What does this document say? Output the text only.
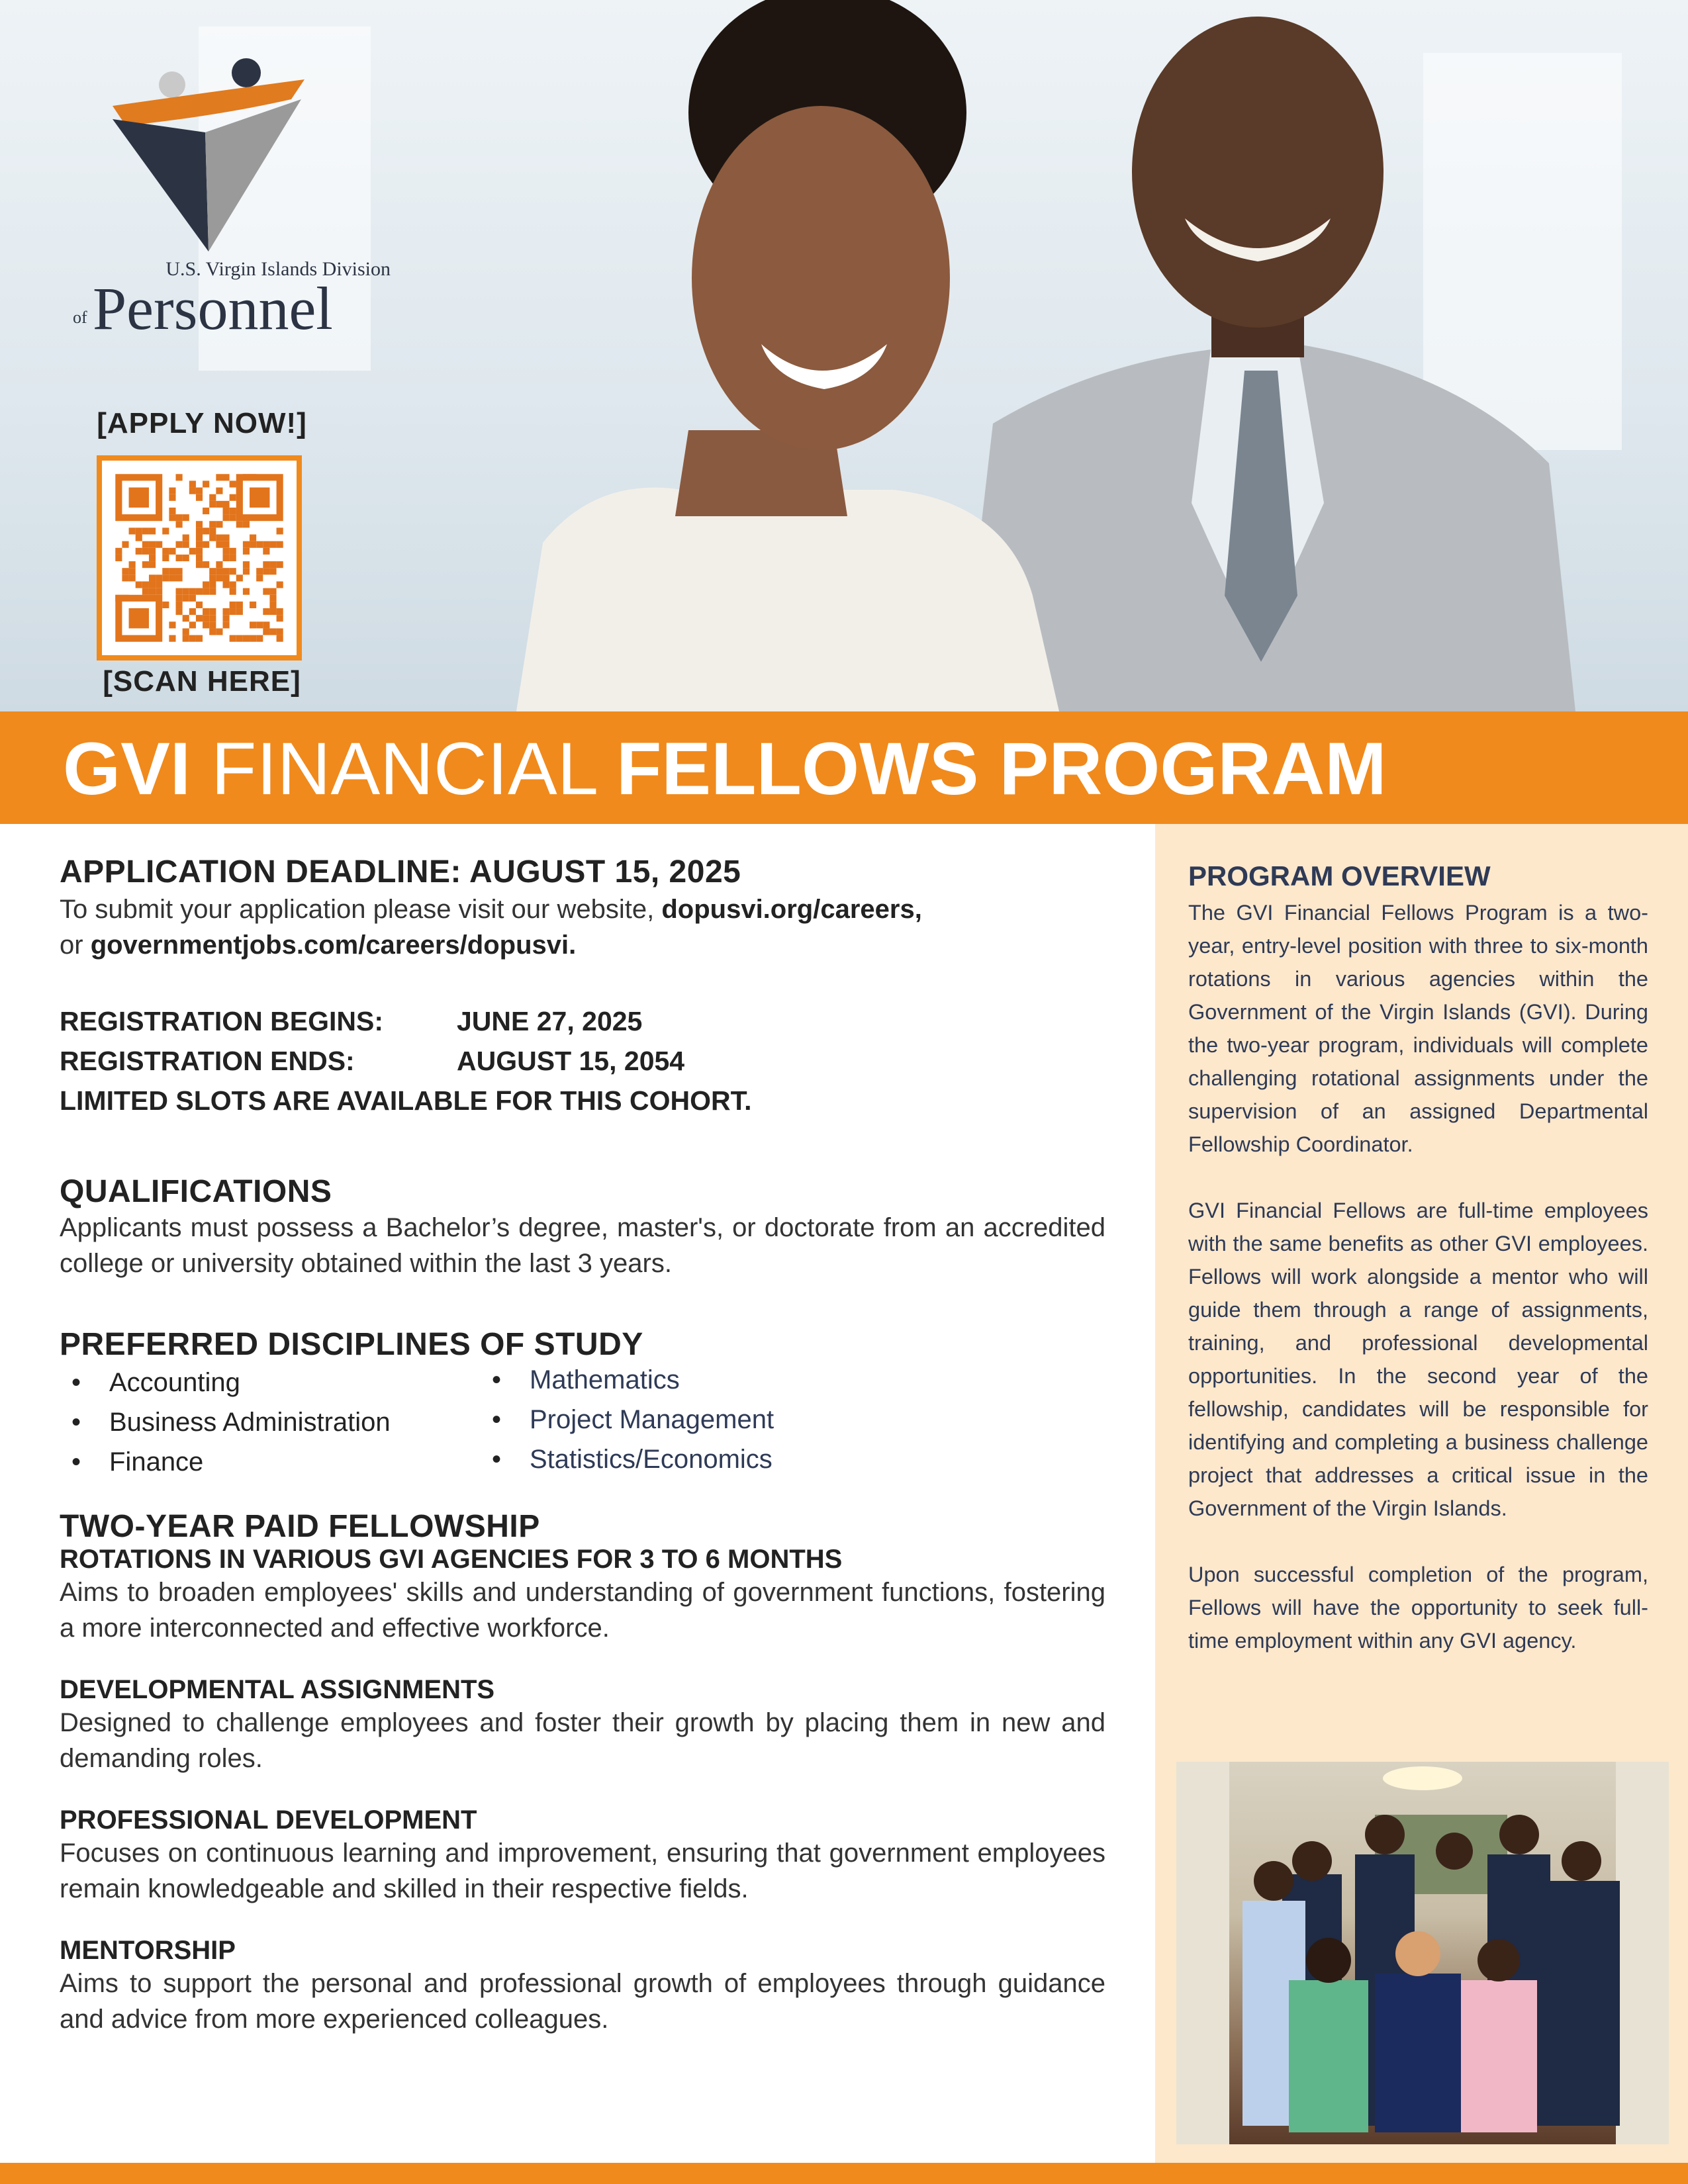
U.S. Virgin Islands Division
of Personnel
[APPLY NOW!]
[SCAN HERE]
GVI FINANCIAL FELLOWS PROGRAM
APPLICATION DEADLINE: AUGUST 15, 2025

To submit your application please visit our website, dopusvi.org/careers,
or governmentjobs.com/careers/dopusvi.

REGISTRATION BEGINS:	JUNE 27, 2025
REGISTRATION ENDS:	AUGUST 15, 2054
LIMITED SLOTS ARE AVAILABLE FOR THIS COHORT.
QUALIFICATIONS

Applicants must possess a Bachelor’s degree, master's, or doctorate from an accredited college or university obtained within the last 3 years.

PREFERRED DISCIPLINES OF STUDY
• Accounting
• Business Administration
• Finance
• Mathematics
• Project Management
• Statistics/Economics
TWO-YEAR PAID FELLOWSHIP
ROTATIONS IN VARIOUS GVI AGENCIES FOR 3 TO 6 MONTHS

Aims to broaden employees' skills and understanding of government functions, fostering a more interconnected and effective workforce.

DEVELOPMENTAL ASSIGNMENTS

Designed to challenge employees and foster their growth by placing them in new and demanding roles.

PROFESSIONAL DEVELOPMENT

Focuses on continuous learning and improvement, ensuring that government employees remain knowledgeable and skilled in their respective fields.

MENTORSHIP

Aims to support the personal and professional growth of employees through guidance and advice from more experienced colleagues.

PROGRAM OVERVIEW

The GVI Financial Fellows Program is a two-year, entry-level position with three to six-month rotations in various agencies within the Government of the Virgin Islands (GVI). During the two-year program, individuals will complete challenging rotational assignments under the supervision of an assigned Departmental Fellowship Coordinator.

GVI Financial Fellows are full-time employees with the same benefits as other GVI employees. Fellows will work alongside a mentor who will guide them through a range of assignments, training, and professional developmental opportunities. In the second year of the fellowship, candidates will be responsible for identifying and completing a business challenge project that addresses a critical issue in the Government of the Virgin Islands.

Upon successful completion of the program, Fellows will have the opportunity to seek full-time employment within any GVI agency.
